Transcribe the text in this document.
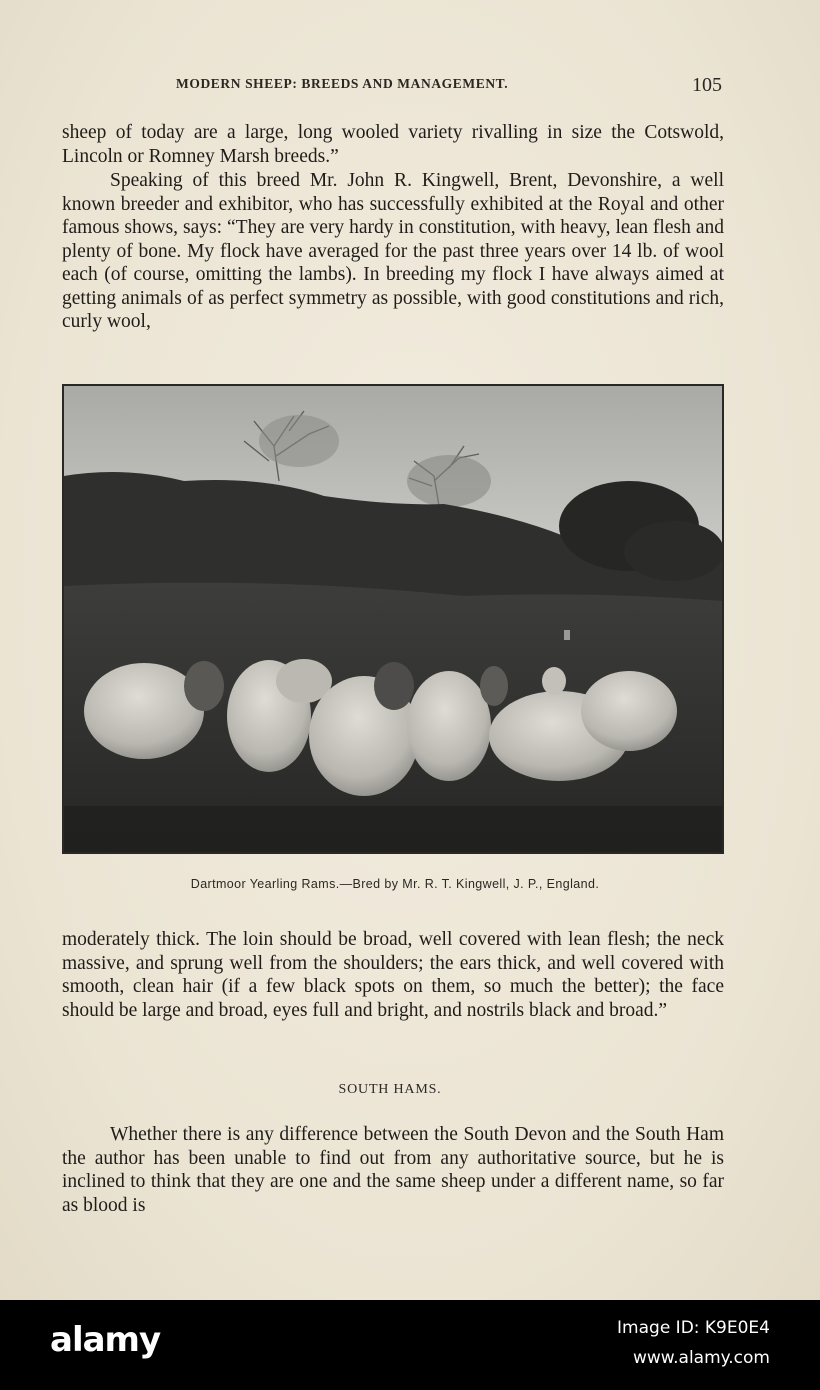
MODERN SHEEP: BREEDS AND MANAGEMENT.	105

sheep of today are a large, long wooled variety rivalling in size the Cotswold, Lincoln or Romney Marsh breeds.”

Speaking of this breed Mr. John R. Kingwell, Brent, Devonshire, a well known breeder and exhibitor, who has successfully exhibited at the Royal and other famous shows, says: “They are very hardy in constitution, with heavy, lean flesh and plenty of bone. My flock have averaged for the past three years over 14 lb. of wool each (of course, omitting the lambs). In breeding my flock I have always aimed at getting animals of as perfect symmetry as possible, with good constitutions and rich, curly wool,

Dartmoor Yearling Rams.—Bred by Mr. R. T. Kingwell, J. P., England.

moderately thick. The loin should be broad, well covered with lean flesh; the neck massive, and sprung well from the shoulders; the ears thick, and well covered with smooth, clean hair (if a few black spots on them, so much the better); the face should be large and broad, eyes full and bright, and nostrils black and broad.”

SOUTH HAMS.

Whether there is any difference between the South Devon and the South Ham the author has been unable to find out from any authoritative source, but he is inclined to think that they are one and the same sheep under a different name, so far as blood is

alamy	Image ID: K9E0E4
www.alamy.com
